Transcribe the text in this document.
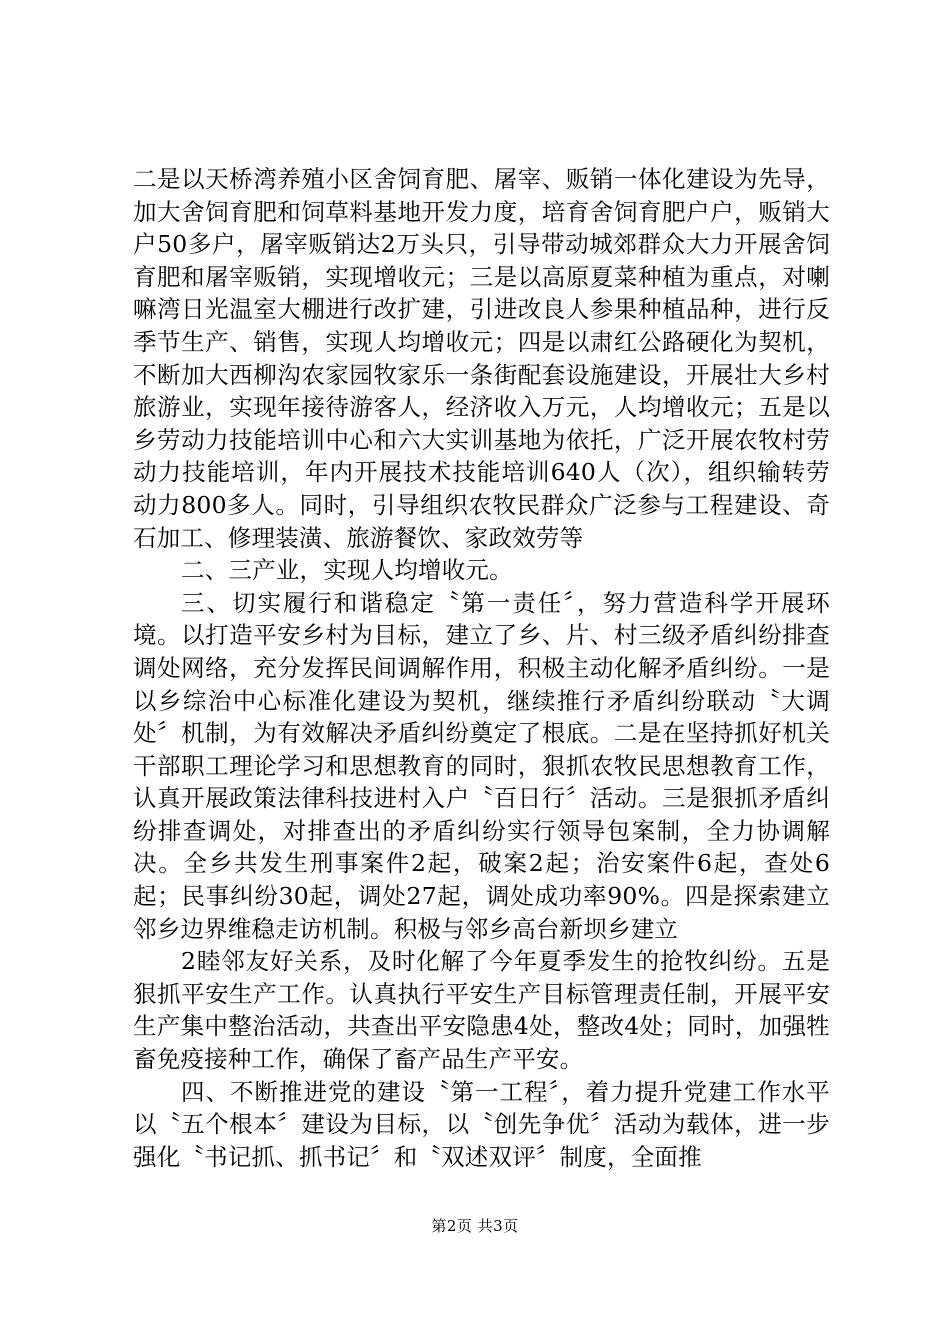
二是以天桥湾养殖小区舍饲育肥、屠宰、贩销一体化建设为先导，加大舍饲育肥和饲草料基地开发力度，培育舍饲育肥户户，贩销大户50多户，屠宰贩销达2万头只，引导带动城郊群众大力开展舍饲育肥和屠宰贩销，实现增收元；三是以高原夏菜种植为重点，对喇嘛湾日光温室大棚进行改扩建，引进改良人参果种植品种，进行反季节生产、销售，实现人均增收元；四是以肃红公路硬化为契机，不断加大西柳沟农家园牧家乐一条街配套设施建设，开展壮大乡村旅游业，实现年接待游客人，经济收入万元，人均增收元；五是以乡劳动力技能培训中心和六大实训基地为依托，广泛开展农牧村劳动力技能培训，年内开展技术技能培训640人（次），组织输转劳动力800多人。同时，引导组织农牧民群众广泛参与工程建设、奇石加工、修理装潢、旅游餐饮、家政效劳等

二、三产业，实现人均增收元。

三、切实履行和谐稳定〝第一责任〞，努力营造科学开展环境。以打造平安乡村为目标，建立了乡、片、村三级矛盾纠纷排查调处网络，充分发挥民间调解作用，积极主动化解矛盾纠纷。一是以乡综治中心标准化建设为契机，继续推行矛盾纠纷联动〝大调处〞机制，为有效解决矛盾纠纷奠定了根底。二是在坚持抓好机关干部职工理论学习和思想教育的同时，狠抓农牧民思想教育工作，认真开展政策法律科技进村入户〝百日行〞活动。三是狠抓矛盾纠纷排查调处，对排查出的矛盾纠纷实行领导包案制，全力协调解决。全乡共发生刑事案件2起，破案2起；治安案件6起，查处6起；民事纠纷30起，调处27起，调处成功率90%。四是探索建立邻乡边界维稳走访机制。积极与邻乡高台新坝乡建立

2睦邻友好关系，及时化解了今年夏季发生的抢牧纠纷。五是狠抓平安生产工作。认真执行平安生产目标管理责任制，开展平安生产集中整治活动，共查出平安隐患4处，整改4处；同时，加强牲畜免疫接种工作，确保了畜产品生产平安。

四、不断推进党的建设〝第一工程〞，着力提升党建工作水平以〝五个根本〞建设为目标，以〝创先争优〞活动为载体，进一步强化〝书记抓、抓书记〞和〝双述双评〞制度，全面推

第2页 共3页
